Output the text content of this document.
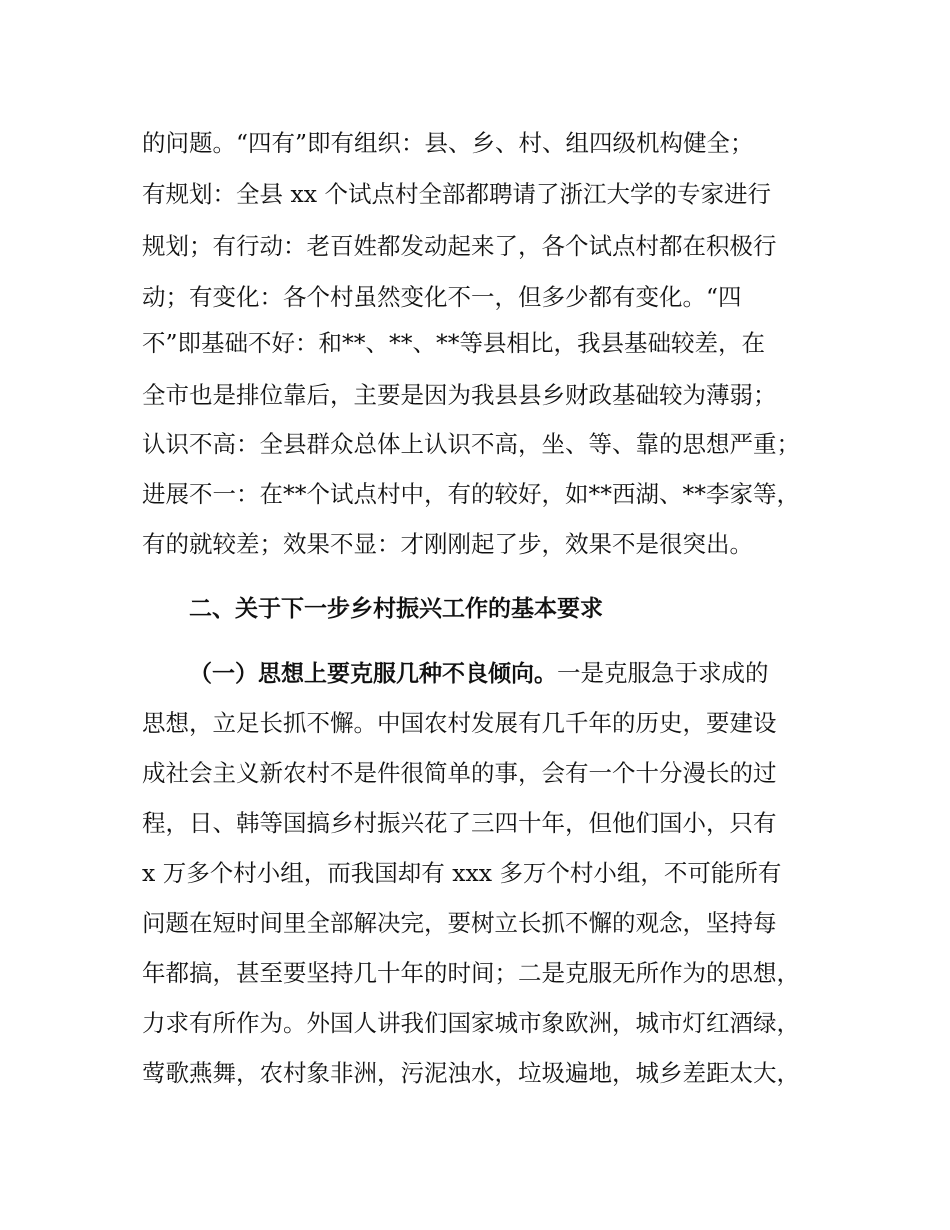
的问题。“四有”即有组织：县、乡、村、组四级机构健全；
有规划：全县 xx 个试点村全部都聘请了浙江大学的专家进行
规划；有行动：老百姓都发动起来了，各个试点村都在积极行
动；有变化：各个村虽然变化不一，但多少都有变化。“四
不”即基础不好：和**、**、**等县相比，我县基础较差，在
全市也是排位靠后，主要是因为我县县乡财政基础较为薄弱；
认识不高：全县群众总体上认识不高，坐、等、靠的思想严重；
进展不一：在**个试点村中，有的较好，如**西湖、**李家等，
有的就较差；效果不显：才刚刚起了步，效果不是很突出。
二、关于下一步乡村振兴工作的基本要求
（一）思想上要克服几种不良倾向。一是克服急于求成的
思想，立足长抓不懈。中国农村发展有几千年的历史，要建设
成社会主义新农村不是件很简单的事，会有一个十分漫长的过
程，日、韩等国搞乡村振兴花了三四十年，但他们国小，只有
x 万多个村小组，而我国却有 xxx 多万个村小组，不可能所有
问题在短时间里全部解决完，要树立长抓不懈的观念，坚持每
年都搞，甚至要坚持几十年的时间；二是克服无所作为的思想，
力求有所作为。外国人讲我们国家城市象欧洲，城市灯红酒绿，
莺歌燕舞，农村象非洲，污泥浊水，垃圾遍地，城乡差距太大，
